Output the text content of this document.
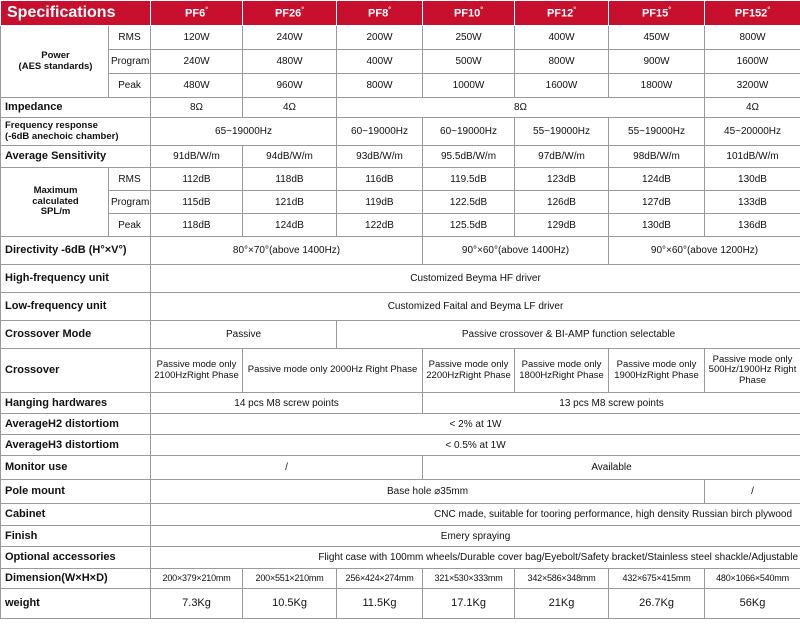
Specifications		PF6°	PF26°	PF8°	PF10°	PF12°	PF15°	PF152°
Power
(AES standards)	RMS	120W	240W	200W	250W	400W	450W	800W
	Program	240W	480W	400W	500W	800W	900W	1600W
	Peak	480W	960W	800W	1000W	1600W	1800W	3200W
Impedance		8Ω	4Ω	8Ω				4Ω
Frequency response
(-6dB anechoic chamber)		65~19000Hz		60~19000Hz	60~19000Hz	55~19000Hz	55~19000Hz	45~20000Hz
Average Sensitivity		91dB/W/m	94dB/W/m	93dB/W/m	95.5dB/W/m	97dB/W/m	98dB/W/m	101dB/W/m
Maximum
calculated
SPL/m	RMS	112dB	118dB	116dB	119.5dB	123dB	124dB	130dB
	Program	115dB	121dB	119dB	122.5dB	126dB	127dB	133dB
	Peak	118dB	124dB	122dB	125.5dB	129dB	130dB	136dB
Directivity -6dB (H°×V°)		80°×70°(above 1400Hz)			90°×60°(above 1400Hz)		90°×60°(above 1200Hz)	
High-frequency unit		Customized Beyma HF driver						
Low-frequency unit		Customized Faital and Beyma LF driver						
Crossover Mode		Passive		Passive crossover & BI-AMP function selectable				
Crossover		Passive mode only 2100HzRight Phase	Passive mode only 2000Hz Right Phase		Passive mode only 2200HzRight Phase	Passive mode only 1800HzRight Phase	Passive mode only 1900HzRight Phase	Passive mode only 500Hz/1900Hz Right Phase
Hanging hardwares		14 pcs M8 screw points			13 pcs M8 screw points			
AverageH2 distortiom		< 2% at 1W						
AverageH3 distortiom		< 0.5% at 1W						
Monitor use		/			Available			
Pole mount		Base hole ⌀35mm						/
Cabinet		CNC made, suitable for tooring performance, high density Russian birch plywood						
Finish		Emery spraying						
Optional accessories		Flight case with 100mm wheels/Durable cover bag/Eyebolt/Safety bracket/Stainless steel shackle/Adjustable						
Dimension(W×H×D)		200×379×210mm	200×551×210mm	256×424×274mm	321×530×333mm	342×586×348mm	432×675×415mm	480×1066×540mm
weight		7.3Kg	10.5Kg	11.5Kg	17.1Kg	21Kg	26.7Kg	56Kg
